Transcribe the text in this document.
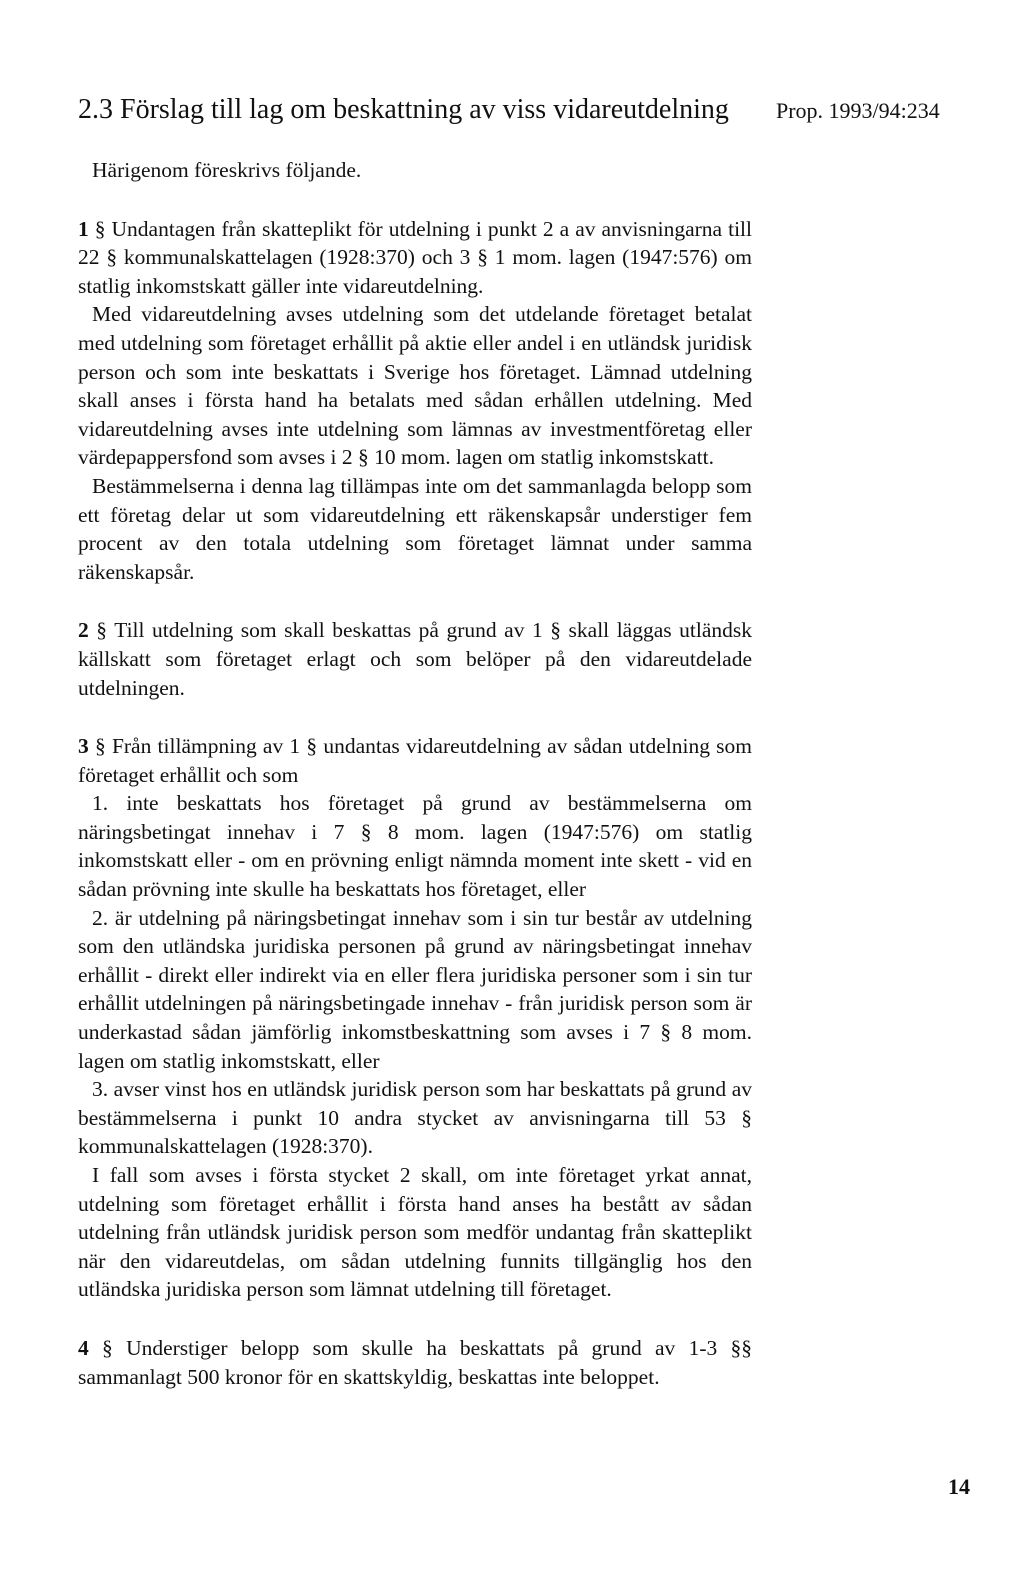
2.3 Förslag till lag om beskattning av viss vidareutdelning Prop. 1993/94:234

Härigenom föreskrivs följande.

1 § Undantagen från skatteplikt för utdelning i punkt 2 a av anvisningarna till 22 § kommunalskattelagen (1928:370) och 3 § 1 mom. lagen (1947:576) om statlig inkomstskatt gäller inte vidareutdelning.

Med vidareutdelning avses utdelning som det utdelande företaget betalat med utdelning som företaget erhållit på aktie eller andel i en utländsk juridisk person och som inte beskattats i Sverige hos företaget. Lämnad utdelning skall anses i första hand ha betalats med sådan erhållen utdelning. Med vidareutdelning avses inte utdelning som lämnas av investmentföretag eller värdepappersfond som avses i 2 § 10 mom. lagen om statlig inkomstskatt.

Bestämmelserna i denna lag tillämpas inte om det sammanlagda belopp som ett företag delar ut som vidareutdelning ett räkenskapsår understiger fem procent av den totala utdelning som företaget lämnat under samma räkenskapsår.

2 § Till utdelning som skall beskattas på grund av 1 § skall läggas utländsk källskatt som företaget erlagt och som belöper på den vidareutdelade utdelningen.

3 § Från tillämpning av 1 § undantas vidareutdelning av sådan utdelning som företaget erhållit och som

1. inte beskattats hos företaget på grund av bestämmelserna om näringsbetingat innehav i 7 § 8 mom. lagen (1947:576) om statlig inkomstskatt eller - om en prövning enligt nämnda moment inte skett - vid en sådan prövning inte skulle ha beskattats hos företaget, eller

2. är utdelning på näringsbetingat innehav som i sin tur består av utdelning som den utländska juridiska personen på grund av näringsbetingat innehav erhållit - direkt eller indirekt via en eller flera juridiska personer som i sin tur erhållit utdelningen på näringsbetingade innehav - från juridisk person som är underkastad sådan jämförlig inkomstbeskattning som avses i 7 § 8 mom. lagen om statlig inkomstskatt, eller

3. avser vinst hos en utländsk juridisk person som har beskattats på grund av bestämmelserna i punkt 10 andra stycket av anvisningarna till 53 § kommunalskattelagen (1928:370).

I fall som avses i första stycket 2 skall, om inte företaget yrkat annat, utdelning som företaget erhållit i första hand anses ha bestått av sådan utdelning från utländsk juridisk person som medför undantag från skatteplikt när den vidareutdelas, om sådan utdelning funnits tillgänglig hos den utländska juridiska person som lämnat utdelning till företaget.

4 § Understiger belopp som skulle ha beskattats på grund av 1-3 §§ sammanlagt 500 kronor för en skattskyldig, beskattas inte beloppet.

14
